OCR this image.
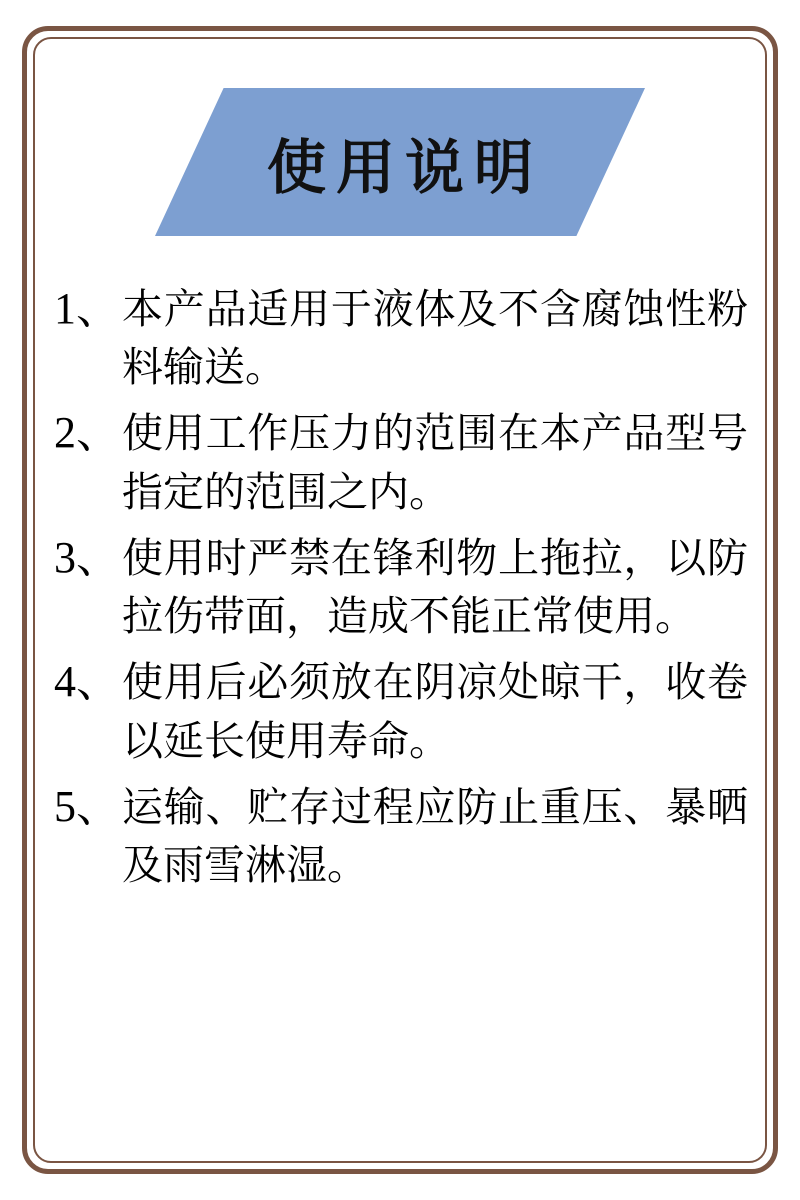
使用说明
1、 本产品适用于液体及不含腐蚀性粉料输送。
2、 使用工作压力的范围在本产品型号指定的范围之内。
3、 使用时严禁在锋利物上拖拉，以防拉伤带面，造成不能正常使用。
4、 使用后必须放在阴凉处晾干，收卷以延长使用寿命。
5、 运输、贮存过程应防止重压、暴晒及雨雪淋湿。
